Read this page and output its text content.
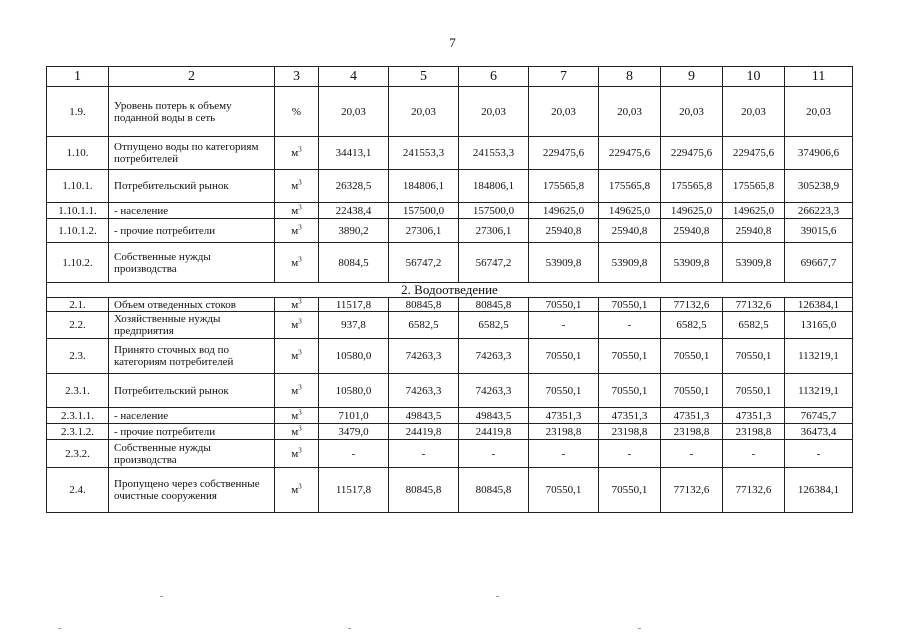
7
1	2	3	4	5	6	7	8	9	10	11
1.9.	Уровень потерь к объему поданной воды в сеть	%	20,03	20,03	20,03	20,03	20,03	20,03	20,03	20,03
1.10.	Отпущено воды по категориям потребителей	$м^3$	34413,1	241553,3	241553,3	229475,6	229475,6	229475,6	229475,6	374906,6
1.10.1.	Потребительский рынок	$м^3$	26328,5	184806,1	184806,1	175565,8	175565,8	175565,8	175565,8	305238,9
1.10.1.1.	- население	$м^3$	22438,4	157500,0	157500,0	149625,0	149625,0	149625,0	149625,0	266223,3
1.10.1.2.	- прочие потребители	$м^3$	3890,2	27306,1	27306,1	25940,8	25940,8	25940,8	25940,8	39015,6
1.10.2.	Собственные нужды производства	$м^3$	8084,5	56747,2	56747,2	53909,8	53909,8	53909,8	53909,8	69667,7
2. Водоотведение										
2.1.	Объем отведенных стоков	$м^3$	11517,8	80845,8	80845,8	70550,1	70550,1	77132,6	77132,6	126384,1
2.2.	Хозяйственные нужды предприятия	$м^3$	937,8	6582,5	6582,5	-	-	6582,5	6582,5	13165,0
2.3.	Принято сточных вод по категориям потребителей	$м^3$	10580,0	74263,3	74263,3	70550,1	70550,1	70550,1	70550,1	113219,1
2.3.1.	Потребительский рынок	$м^3$	10580,0	74263,3	74263,3	70550,1	70550,1	70550,1	70550,1	113219,1
2.3.1.1.	- население	$м^3$	7101,0	49843,5	49843,5	47351,3	47351,3	47351,3	47351,3	76745,7
2.3.1.2.	- прочие потребители	$м^3$	3479,0	24419,8	24419,8	23198,8	23198,8	23198,8	23198,8	36473,4
2.3.2.	Собственные нужды производства	$м^3$	-	-	-	-	-	-	-	-
2.4.	Пропущено через собственные очистные сооружения	$м^3$	11517,8	80845,8	80845,8	70550,1	70550,1	77132,6	77132,6	126384,1
